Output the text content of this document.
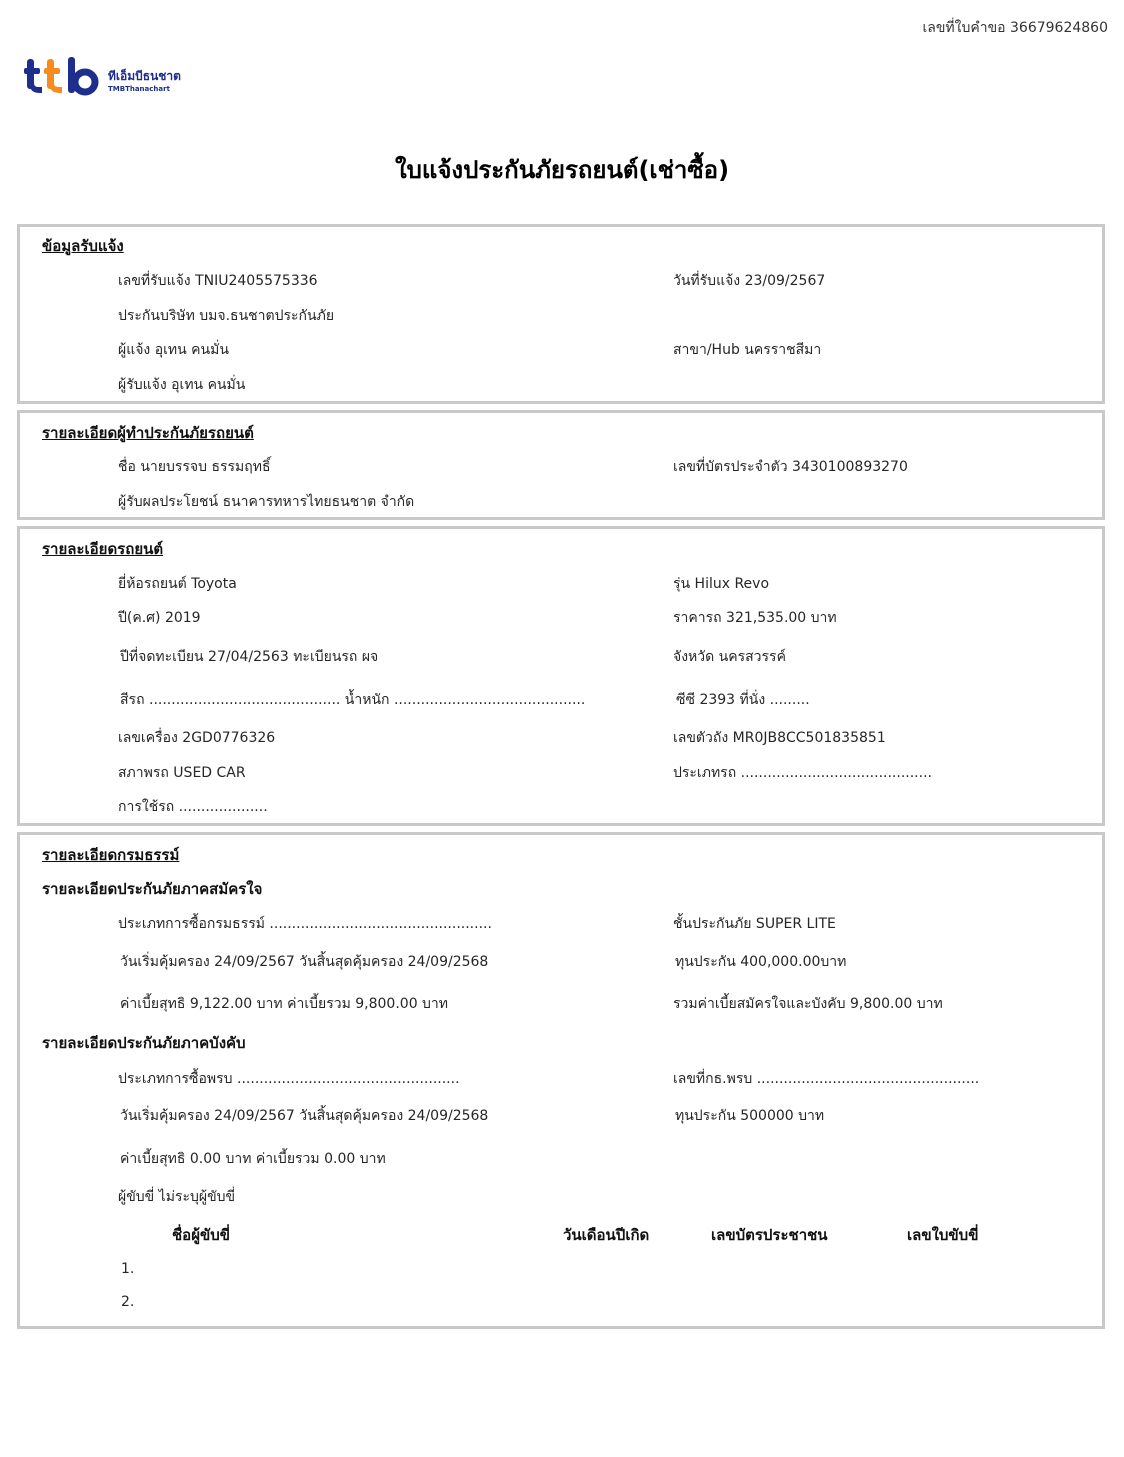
เลขที่ใบคำขอ 36679624860
ทีเอ็มบีธนชาต
TMBThanachart
ใบแจ้งประกันภัยรถยนต์(เช่าซื้อ)
ข้อมูลรับแจ้ง
เลขที่รับแจ้ง TNIU2405575336	วันที่รับแจ้ง 23/09/2567
ประกันบริษัท บมจ.ธนชาตประกันภัย
ผู้แจ้ง อุเทน คนมั่น	สาขา/Hub นครราชสีมา
ผู้รับแจ้ง อุเทน คนมั่น
รายละเอียดผู้ทำประกันภัยรถยนต์
ชื่อ นายบรรจบ ธรรมฤทธิ์	เลขที่บัตรประจำตัว 3430100893270
ผู้รับผลประโยชน์ ธนาคารทหารไทยธนชาต จำกัด
รายละเอียดรถยนต์
ยี่ห้อรถยนต์ Toyota	รุ่น Hilux Revo
ปี(ค.ศ) 2019	ราคารถ 321,535.00 บาท
ปีที่จดทะเบียน 27/04/2563 ทะเบียนรถ ผจ	จังหวัด นครสวรรค์
สีรถ ........................................... น้ำหนัก ...........................................	ซีซี 2393 ที่นั่ง .........
เลขเครื่อง 2GD0776326	เลขตัวถัง MR0JB8CC501835851
สภาพรถ USED CAR	ประเภทรถ ...........................................
การใช้รถ ....................
รายละเอียดกรมธรรม์
รายละเอียดประกันภัยภาคสมัครใจ
ประเภทการซื้อกรมธรรม์ ..................................................	ชั้นประกันภัย SUPER LITE
วันเริ่มคุ้มครอง 24/09/2567 วันสิ้นสุดคุ้มครอง 24/09/2568	ทุนประกัน 400,000.00บาท
ค่าเบี้ยสุทธิ 9,122.00 บาท ค่าเบี้ยรวม 9,800.00 บาท	รวมค่าเบี้ยสมัครใจและบังคับ 9,800.00 บาท
รายละเอียดประกันภัยภาคบังคับ
ประเภทการซื้อพรบ ..................................................	เลขที่กธ.พรบ ..................................................
วันเริ่มคุ้มครอง 24/09/2567 วันสิ้นสุดคุ้มครอง 24/09/2568	ทุนประกัน 500000 บาท
ค่าเบี้ยสุทธิ 0.00 บาท ค่าเบี้ยรวม 0.00 บาท
ผู้ขับขี่ ไม่ระบุผู้ขับขี่
ชื่อผู้ขับขี่	วันเดือนปีเกิด	เลขบัตรประชาชน	เลขใบขับขี่
1.
2.
